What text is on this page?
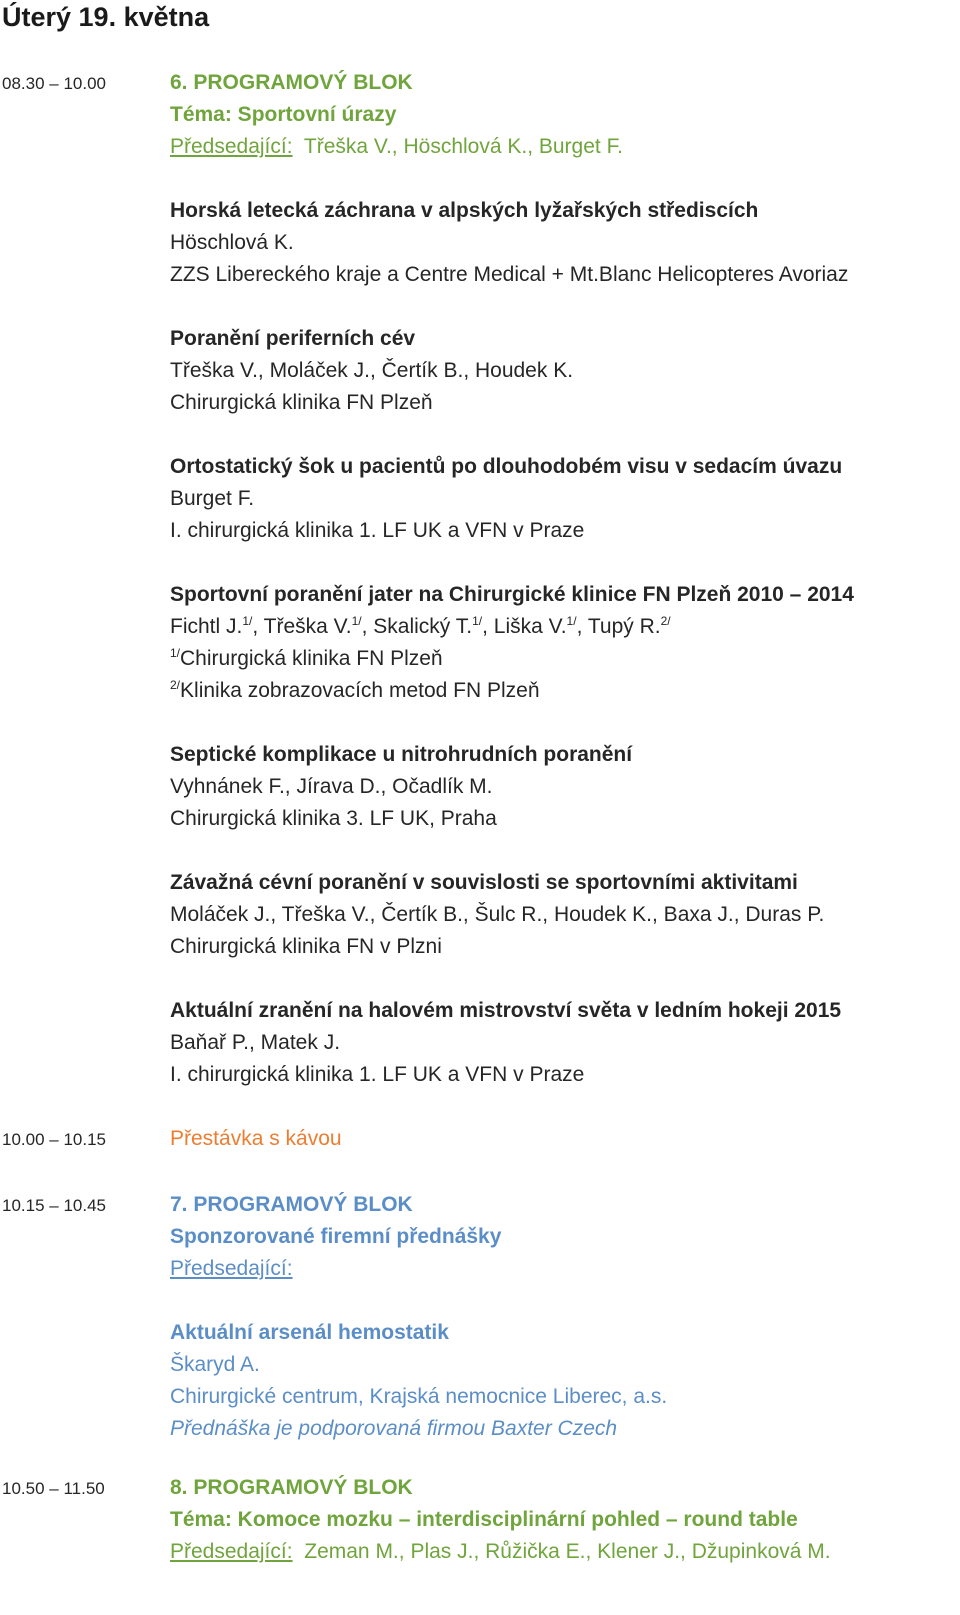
Úterý 19. května
08.30 – 10.00	6. PROGRAMOVÝ BLOK
Téma: Sportovní úrazy
Předsedající: Třeška V., Höschlová K., Burget F.
Horská letecká záchrana v alpských lyžařských střediscích
Höschlová K.
ZZS Libereckého kraje a Centre Medical + Mt.Blanc Helicopteres Avoriaz
Poranění periferních cév
Třeška V., Moláček J., Čertík B., Houdek K.
Chirurgická klinika FN Plzeň
Ortostatický šok u pacientů po dlouhodobém visu v sedacím úvazu
Burget F.
I. chirurgická klinika 1. LF UK a VFN v Praze
Sportovní poranění jater na Chirurgické klinice FN Plzeň 2010 – 2014
Fichtl J.$^{1/}$, Třeška V.$^{1/}$, Skalický T.$^{1/}$, Liška V.$^{1/}$, Tupý R.$^{2/}$
$^{1/}$Chirurgická klinika FN Plzeň
$^{2/}$Klinika zobrazovacích metod FN Plzeň
Septické komplikace u nitrohrudních poranění
Vyhnánek F., Jírava D., Očadlík M.
Chirurgická klinika 3. LF UK, Praha
Závažná cévní poranění v souvislosti se sportovními aktivitami
Moláček J., Třeška V., Čertík B., Šulc R., Houdek K., Baxa J., Duras P.
Chirurgická klinika FN v Plzni
Aktuální zranění na halovém mistrovství světa v ledním hokeji 2015
Baňař P., Matek J.
I. chirurgická klinika 1. LF UK a VFN v Praze
10.00 – 10.15	Přestávka s kávou
10.15 – 10.45	7. PROGRAMOVÝ BLOK
Sponzorované firemní přednášky
Předsedající:
Aktuální arsenál hemostatik
Škaryd A.
Chirurgické centrum, Krajská nemocnice Liberec, a.s.
Přednáška je podporovaná firmou Baxter Czech
10.50 – 11.50	8. PROGRAMOVÝ BLOK
Téma: Komoce mozku – interdisciplinární pohled – round table
Předsedající: Zeman M., Plas J., Růžička E., Klener J., Džupinková M.
